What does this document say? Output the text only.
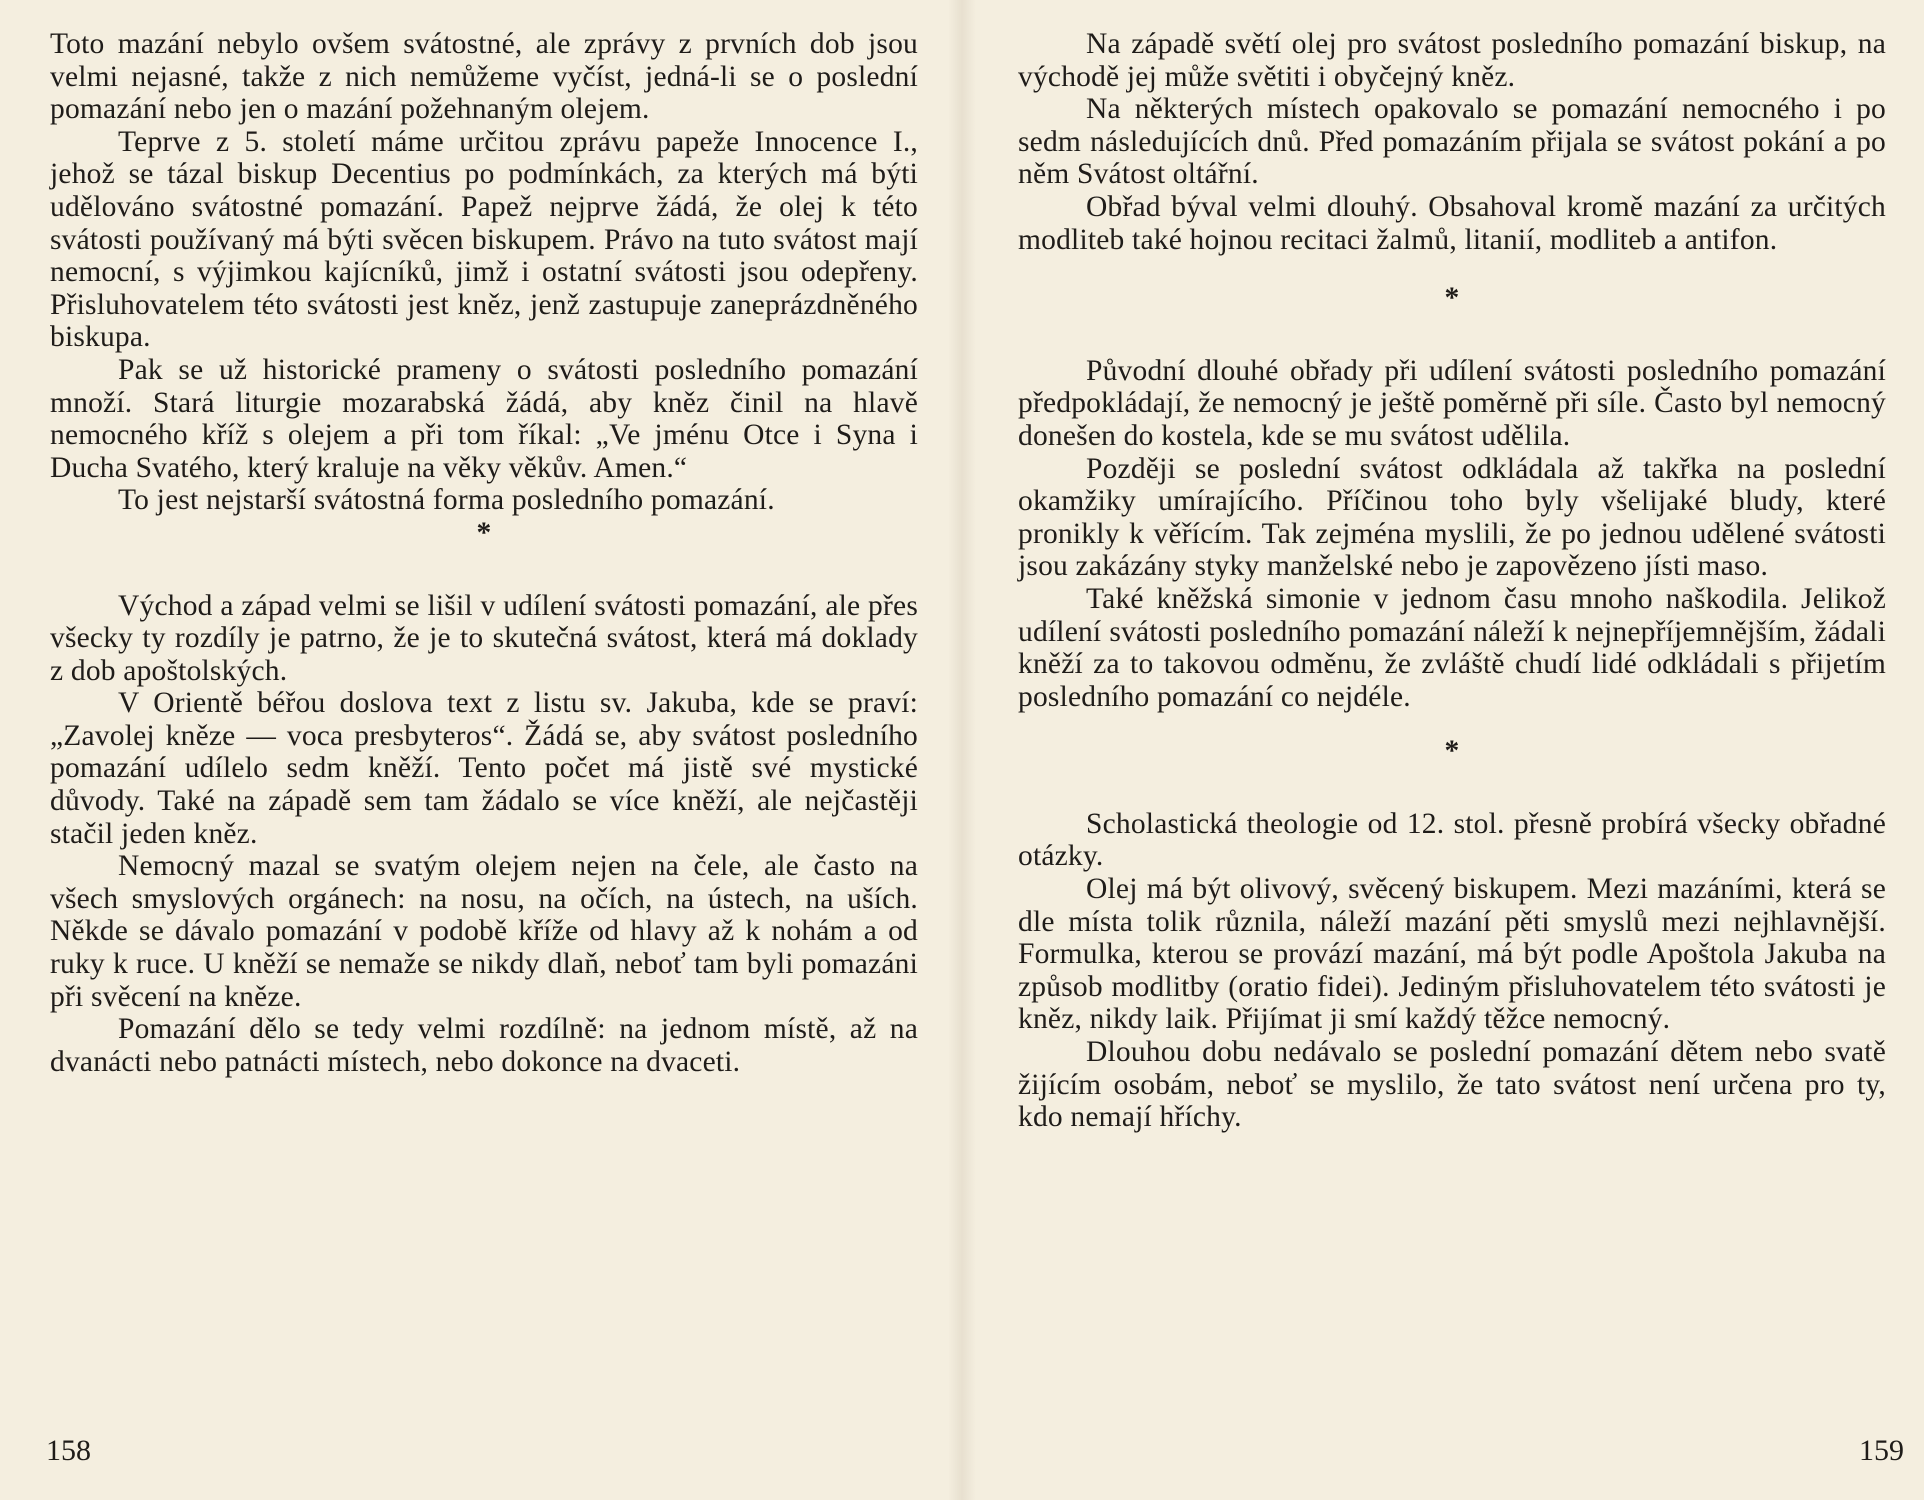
Toto mazání nebylo ovšem svátostné, ale zprávy z prvních dob jsou velmi nejasné, takže z nich nemůžeme vyčíst, jedná-li se o poslední pomazání nebo jen o mazání požehnaným olejem.

Teprve z 5. století máme určitou zprávu papeže Innocence I., jehož se tázal biskup Decentius po podmínkách, za kterých má býti udělováno svátostné pomazání. Papež nejprve žádá, že olej k této svátosti používaný má býti svěcen biskupem. Právo na tuto svátost mají nemocní, s výjimkou kajícníků, jimž i ostatní svátosti jsou odepřeny. Přisluhovatelem této svátosti jest kněz, jenž zastupuje zaneprázdněného biskupa.

Pak se už historické prameny o svátosti posledního pomazání množí. Stará liturgie mozarabská žádá, aby kněz činil na hlavě nemocného kříž s olejem a při tom říkal: „Ve jménu Otce i Syna i Ducha Svatého, který kraluje na věky věkův. Amen.“

To jest nejstarší svátostná forma posledního pomazání.

*

Východ a západ velmi se lišil v udílení svátosti pomazání, ale přes všecky ty rozdíly je patrno, že je to skutečná svátost, která má doklady z dob apoštolských.

V Orientě béřou doslova text z listu sv. Jakuba, kde se praví: „Zavolej kněze — voca presbyteros“. Žádá se, aby svátost posledního pomazání udílelo sedm kněží. Tento počet má jistě své mystické důvody. Také na západě sem tam žádalo se více kněží, ale nejčastěji stačil jeden kněz.

Nemocný mazal se svatým olejem nejen na čele, ale často na všech smyslových orgánech: na nosu, na očích, na ústech, na uších. Někde se dávalo pomazání v podobě kříže od hlavy až k nohám a od ruky k ruce. U kněží se nemaže se nikdy dlaň, neboť tam byli pomazáni při svěcení na kněze.

Pomazání dělo se tedy velmi rozdílně: na jednom místě, až na dvanácti nebo patnácti místech, nebo dokonce na dvaceti.

158

Na západě světí olej pro svátost posledního pomazání biskup, na východě jej může světiti i obyčejný kněz.

Na některých místech opakovalo se pomazání nemocného i po sedm následujících dnů. Před pomazáním přijala se svátost pokání a po něm Svátost oltářní.

Obřad býval velmi dlouhý. Obsahoval kromě mazání za určitých modliteb také hojnou recitaci žalmů, litanií, modliteb a antifon.

*

Původní dlouhé obřady při udílení svátosti posledního pomazání předpokládají, že nemocný je ještě poměrně při síle. Často byl nemocný donešen do kostela, kde se mu svátost udělila.

Později se poslední svátost odkládala až takřka na poslední okamžiky umírajícího. Příčinou toho byly všelijaké bludy, které pronikly k věřícím. Tak zejména myslili, že po jednou udělené svátosti jsou zakázány styky manželské nebo je zapovězeno jísti maso.

Také kněžská simonie v jednom času mnoho naškodila. Jelikož udílení svátosti posledního pomazání náleží k nejnepříjemnějším, žádali kněží za to takovou odměnu, že zvláště chudí lidé odkládali s přijetím posledního pomazání co nejdéle.

*

Scholastická theologie od 12. stol. přesně probírá všecky obřadné otázky.

Olej má být olivový, svěcený biskupem. Mezi mazáními, která se dle místa tolik různila, náleží mazání pěti smyslů mezi nejhlavnější. Formulka, kterou se provází mazání, má být podle Apoštola Jakuba na způsob modlitby (oratio fidei). Jediným přisluhovatelem této svátosti je kněz, nikdy laik. Přijímat ji smí každý těžce nemocný.

Dlouhou dobu nedávalo se poslední pomazání dětem nebo svatě žijícím osobám, neboť se myslilo, že tato svátost není určena pro ty, kdo nemají hříchy.

159
